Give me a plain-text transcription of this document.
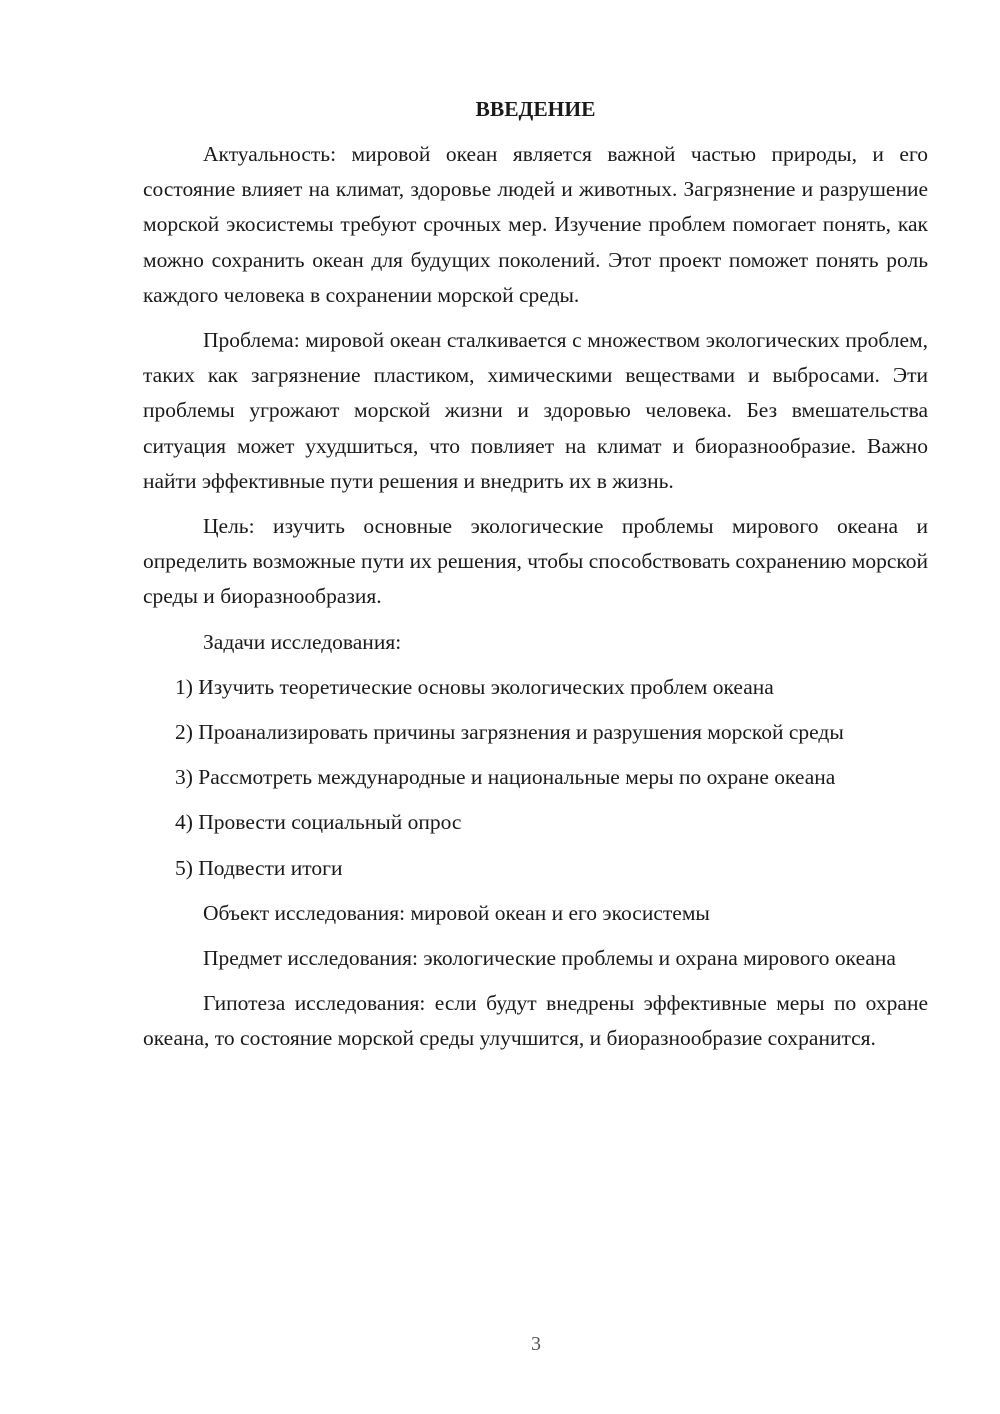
ВВЕДЕНИЕ

Актуальность: мировой океан является важной частью природы, и его состояние влияет на климат, здоровье людей и животных. Загрязнение и разрушение морской экосистемы требуют срочных мер. Изучение проблем помогает понять, как можно сохранить океан для будущих поколений. Этот проект поможет понять роль каждого человека в сохранении морской среды.

Проблема: мировой океан сталкивается с множеством экологических проблем, таких как загрязнение пластиком, химическими веществами и выбросами. Эти проблемы угрожают морской жизни и здоровью человека. Без вмешательства ситуация может ухудшиться, что повлияет на климат и биоразнообразие. Важно найти эффективные пути решения и внедрить их в жизнь.

Цель: изучить основные экологические проблемы мирового океана и определить возможные пути их решения, чтобы способствовать сохранению морской среды и биоразнообразия.

Задачи исследования:

1) Изучить теоретические основы экологических проблем океана

2) Проанализировать причины загрязнения и разрушения морской среды

3) Рассмотреть международные и национальные меры по охране океана

4) Провести социальный опрос

5) Подвести итоги

Объект исследования: мировой океан и его экосистемы

Предмет исследования: экологические проблемы и охрана мирового океана

Гипотеза исследования: если будут внедрены эффективные меры по охране океана, то состояние морской среды улучшится, и биоразнообразие сохранится.

3
